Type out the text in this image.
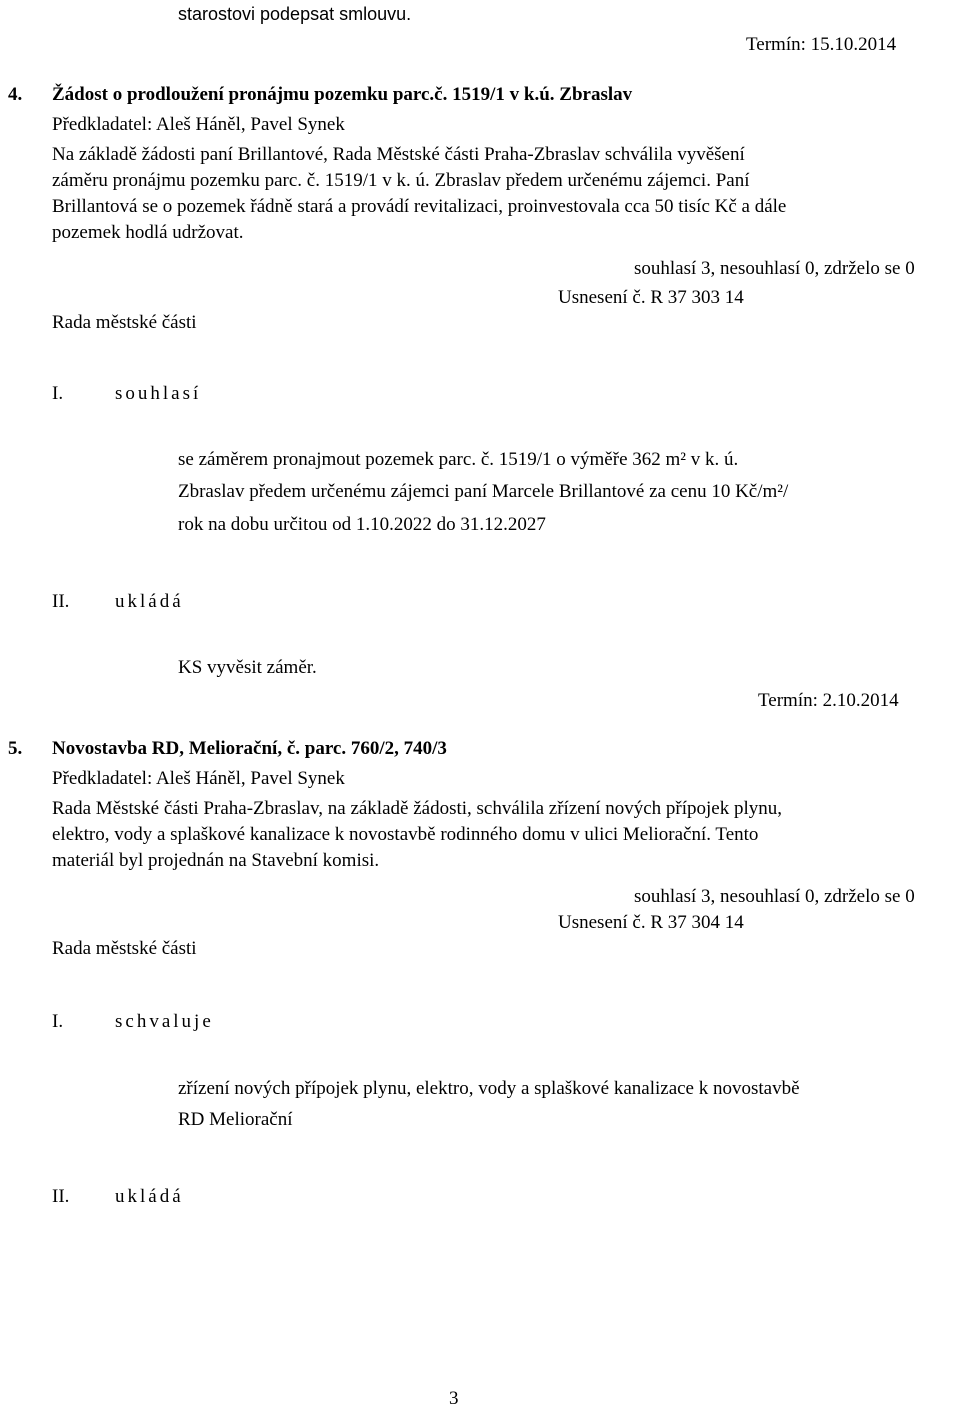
starostovi podepsat smlouvu.
Termín: 15.10.2014
4. Žádost o prodloužení pronájmu pozemku parc.č. 1519/1 v k.ú. Zbraslav
Předkladatel: Aleš Háněl, Pavel Synek
Na základě žádosti paní Brillantové, Rada Městské části Praha-Zbraslav schválila vyvěšení
záměru pronájmu pozemku parc. č. 1519/1 v k. ú. Zbraslav předem určenému zájemci. Paní
Brillantová se o pozemek řádně stará a provádí revitalizaci, proinvestovala cca 50 tisíc Kč a dále
pozemek hodlá udržovat.
souhlasí 3, nesouhlasí 0, zdrželo se 0
Usnesení č. R 37 303 14
Rada městské části
I.	souhlasí
se záměrem pronajmout pozemek parc. č. 1519/1 o výměře 362 m² v k. ú.
Zbraslav předem určenému zájemci paní Marcele Brillantové za cenu 10 Kč/m²/
rok na dobu určitou od 1.10.2022 do 31.12.2027
II. ukládá
KS vyvěsit záměr.
Termín: 2.10.2014
5. Novostavba RD, Meliorační, č. parc. 760/2, 740/3
Předkladatel: Aleš Háněl, Pavel Synek
Rada Městské části Praha-Zbraslav, na základě žádosti, schválila zřízení nových přípojek plynu,
elektro, vody a splaškové kanalizace k novostavbě rodinného domu v ulici Meliorační. Tento
materiál byl projednán na Stavební komisi.
souhlasí 3, nesouhlasí 0, zdrželo se 0
Usnesení č. R 37 304 14
Rada městské části
I.	schvaluje
zřízení nových přípojek plynu, elektro, vody a splaškové kanalizace k novostavbě
RD Meliorační
II. ukládá
3
